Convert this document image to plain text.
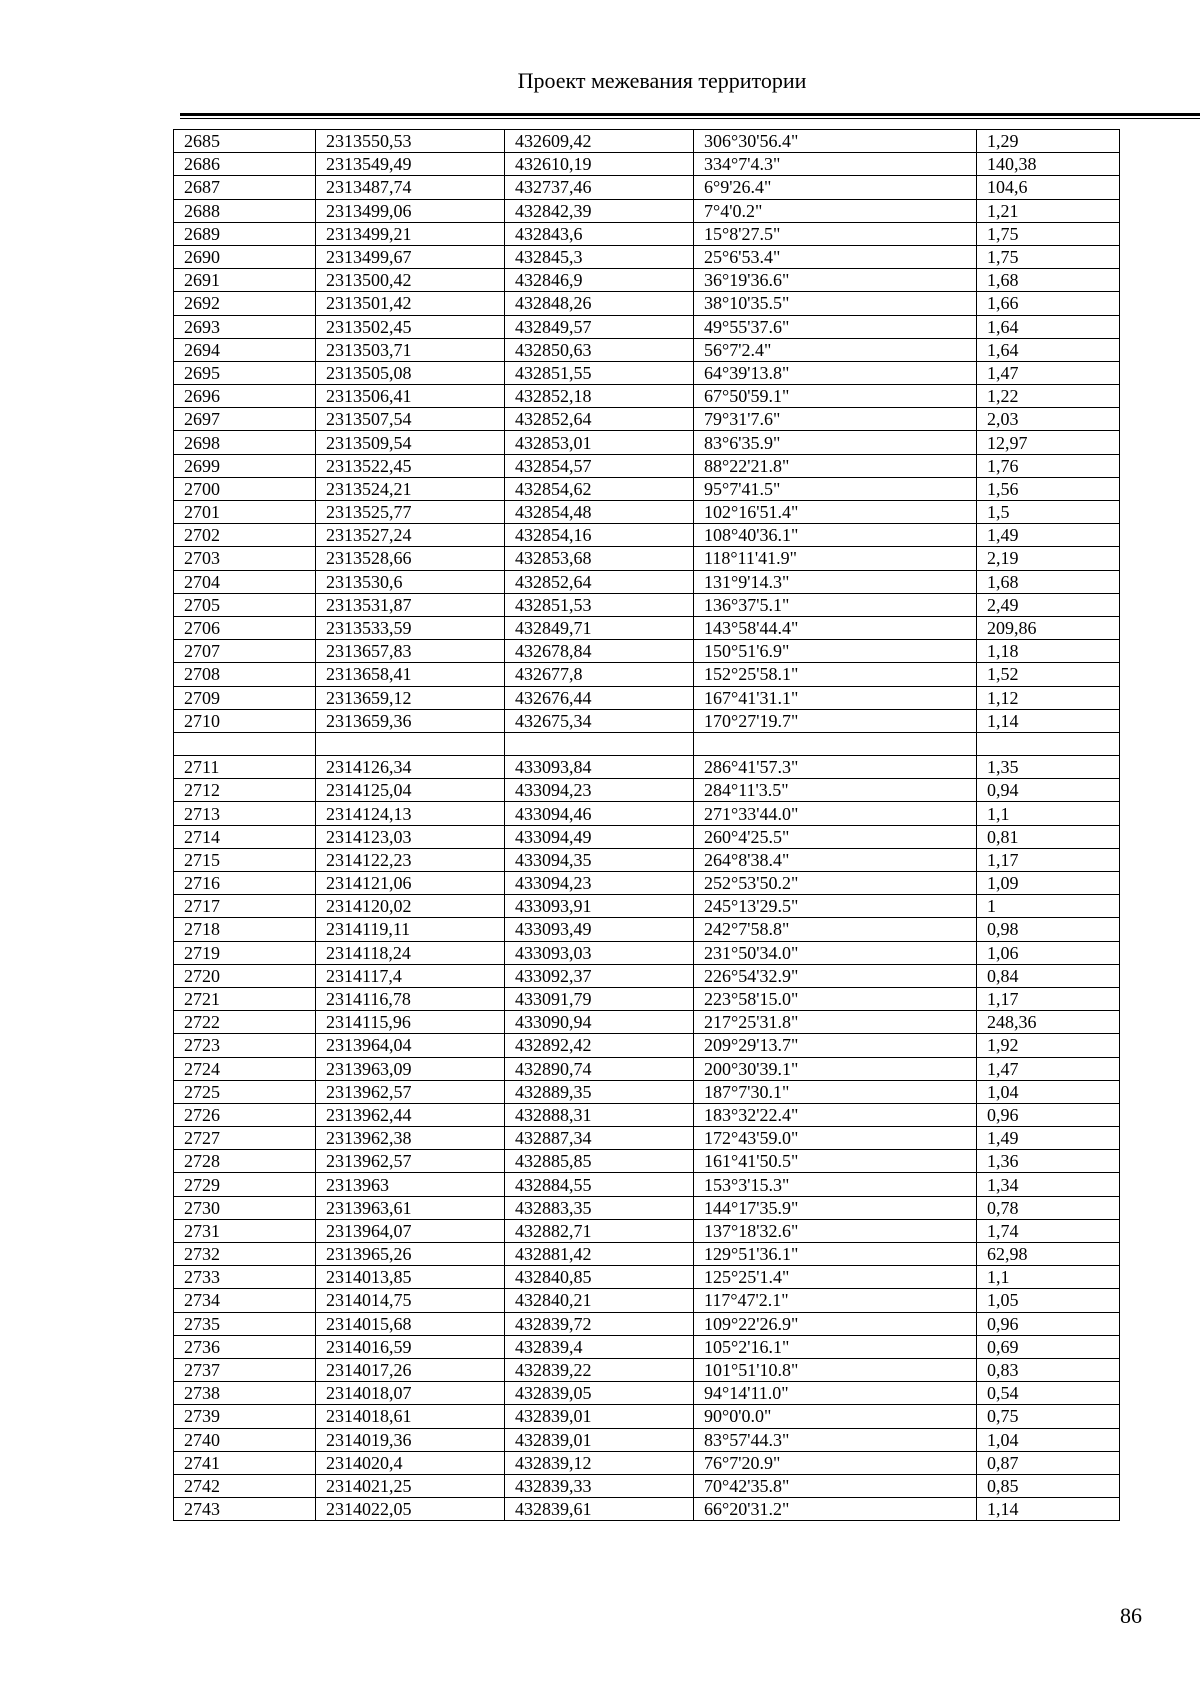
Проект межевания территории
2685	2313550,53	432609,42	306°30'56.4"	1,29
2686	2313549,49	432610,19	334°7'4.3"	140,38
2687	2313487,74	432737,46	6°9'26.4"	104,6
2688	2313499,06	432842,39	7°4'0.2"	1,21
2689	2313499,21	432843,6	15°8'27.5"	1,75
2690	2313499,67	432845,3	25°6'53.4"	1,75
2691	2313500,42	432846,9	36°19'36.6"	1,68
2692	2313501,42	432848,26	38°10'35.5"	1,66
2693	2313502,45	432849,57	49°55'37.6"	1,64
2694	2313503,71	432850,63	56°7'2.4"	1,64
2695	2313505,08	432851,55	64°39'13.8"	1,47
2696	2313506,41	432852,18	67°50'59.1"	1,22
2697	2313507,54	432852,64	79°31'7.6"	2,03
2698	2313509,54	432853,01	83°6'35.9"	12,97
2699	2313522,45	432854,57	88°22'21.8"	1,76
2700	2313524,21	432854,62	95°7'41.5"	1,56
2701	2313525,77	432854,48	102°16'51.4"	1,5
2702	2313527,24	432854,16	108°40'36.1"	1,49
2703	2313528,66	432853,68	118°11'41.9"	2,19
2704	2313530,6	432852,64	131°9'14.3"	1,68
2705	2313531,87	432851,53	136°37'5.1"	2,49
2706	2313533,59	432849,71	143°58'44.4"	209,86
2707	2313657,83	432678,84	150°51'6.9"	1,18
2708	2313658,41	432677,8	152°25'58.1"	1,52
2709	2313659,12	432676,44	167°41'31.1"	1,12
2710	2313659,36	432675,34	170°27'19.7"	1,14

2711	2314126,34	433093,84	286°41'57.3"	1,35
2712	2314125,04	433094,23	284°11'3.5"	0,94
2713	2314124,13	433094,46	271°33'44.0"	1,1
2714	2314123,03	433094,49	260°4'25.5"	0,81
2715	2314122,23	433094,35	264°8'38.4"	1,17
2716	2314121,06	433094,23	252°53'50.2"	1,09
2717	2314120,02	433093,91	245°13'29.5"	1
2718	2314119,11	433093,49	242°7'58.8"	0,98
2719	2314118,24	433093,03	231°50'34.0"	1,06
2720	2314117,4	433092,37	226°54'32.9"	0,84
2721	2314116,78	433091,79	223°58'15.0"	1,17
2722	2314115,96	433090,94	217°25'31.8"	248,36
2723	2313964,04	432892,42	209°29'13.7"	1,92
2724	2313963,09	432890,74	200°30'39.1"	1,47
2725	2313962,57	432889,35	187°7'30.1"	1,04
2726	2313962,44	432888,31	183°32'22.4"	0,96
2727	2313962,38	432887,34	172°43'59.0"	1,49
2728	2313962,57	432885,85	161°41'50.5"	1,36
2729	2313963	432884,55	153°3'15.3"	1,34
2730	2313963,61	432883,35	144°17'35.9"	0,78
2731	2313964,07	432882,71	137°18'32.6"	1,74
2732	2313965,26	432881,42	129°51'36.1"	62,98
2733	2314013,85	432840,85	125°25'1.4"	1,1
2734	2314014,75	432840,21	117°47'2.1"	1,05
2735	2314015,68	432839,72	109°22'26.9"	0,96
2736	2314016,59	432839,4	105°2'16.1"	0,69
2737	2314017,26	432839,22	101°51'10.8"	0,83
2738	2314018,07	432839,05	94°14'11.0"	0,54
2739	2314018,61	432839,01	90°0'0.0"	0,75
2740	2314019,36	432839,01	83°57'44.3"	1,04
2741	2314020,4	432839,12	76°7'20.9"	0,87
2742	2314021,25	432839,33	70°42'35.8"	0,85
2743	2314022,05	432839,61	66°20'31.2"	1,14
86
